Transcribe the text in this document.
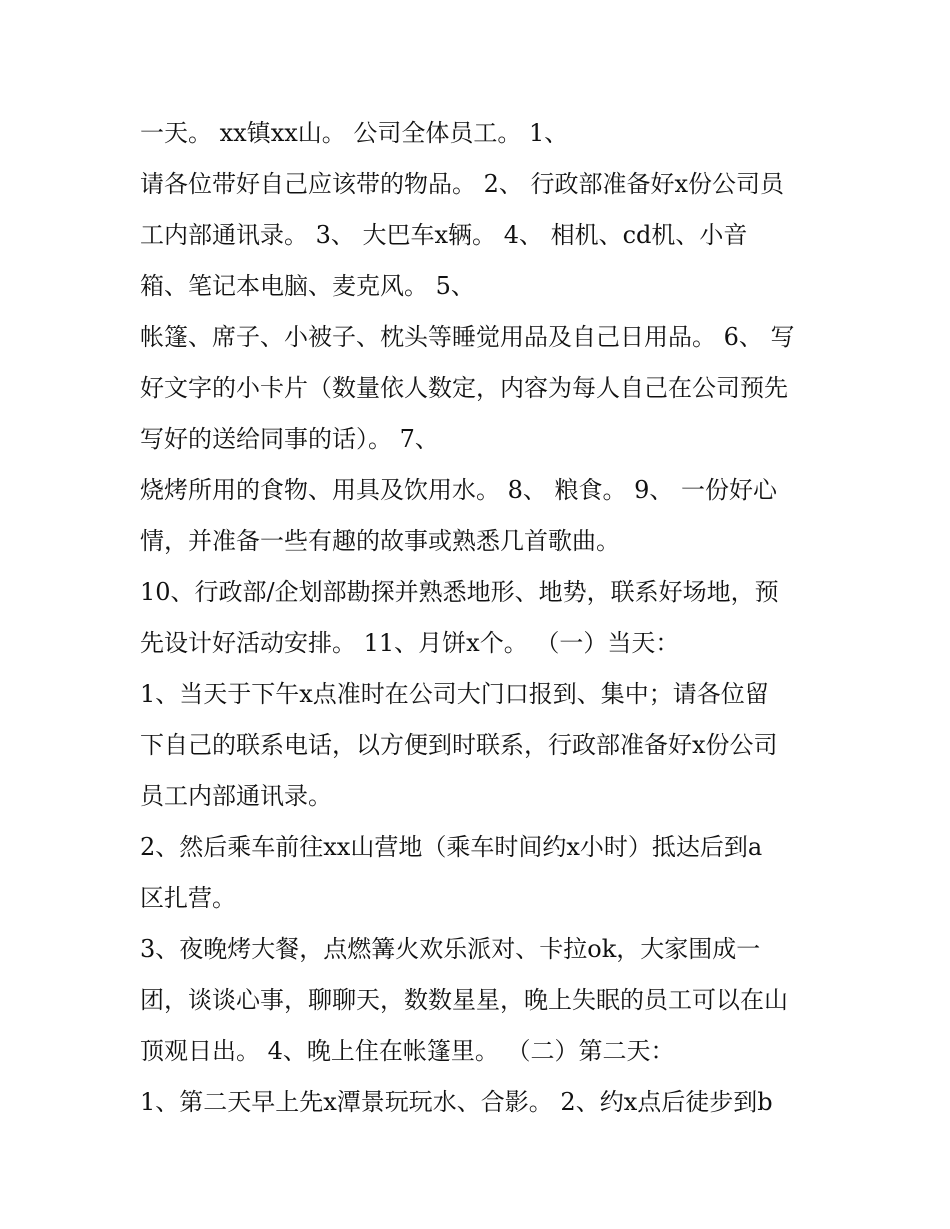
一天。 xx镇xx山。 公司全体员工。 1、
请各位带好自己应该带的物品。 2、 行政部准备好x份公司员
工内部通讯录。 3、 大巴车x辆。 4、 相机、cd机、小音
箱、笔记本电脑、麦克风。 5、
帐篷、席子、小被子、枕头等睡觉用品及自己日用品。 6、 写
好文字的小卡片（数量依人数定，内容为每人自己在公司预先
写好的送给同事的话）。 7、
烧烤所用的食物、用具及饮用水。 8、 粮食。 9、 一份好心
情，并准备一些有趣的故事或熟悉几首歌曲。
10、行政部/企划部勘探并熟悉地形、地势，联系好场地，预
先设计好活动安排。 11、月饼x个。 （一）当天：
1、当天于下午x点准时在公司大门口报到、集中；请各位留
下自己的联系电话，以方便到时联系，行政部准备好x份公司
员工内部通讯录。
2、然后乘车前往xx山营地（乘车时间约x小时）抵达后到a
区扎营。
3、夜晚烤大餐，点燃篝火欢乐派对、卡拉ok，大家围成一
团，谈谈心事，聊聊天，数数星星，晚上失眠的员工可以在山
顶观日出。 4、晚上住在帐篷里。 （二）第二天：
1、第二天早上先x潭景玩玩水、合影。 2、约x点后徒步到b
